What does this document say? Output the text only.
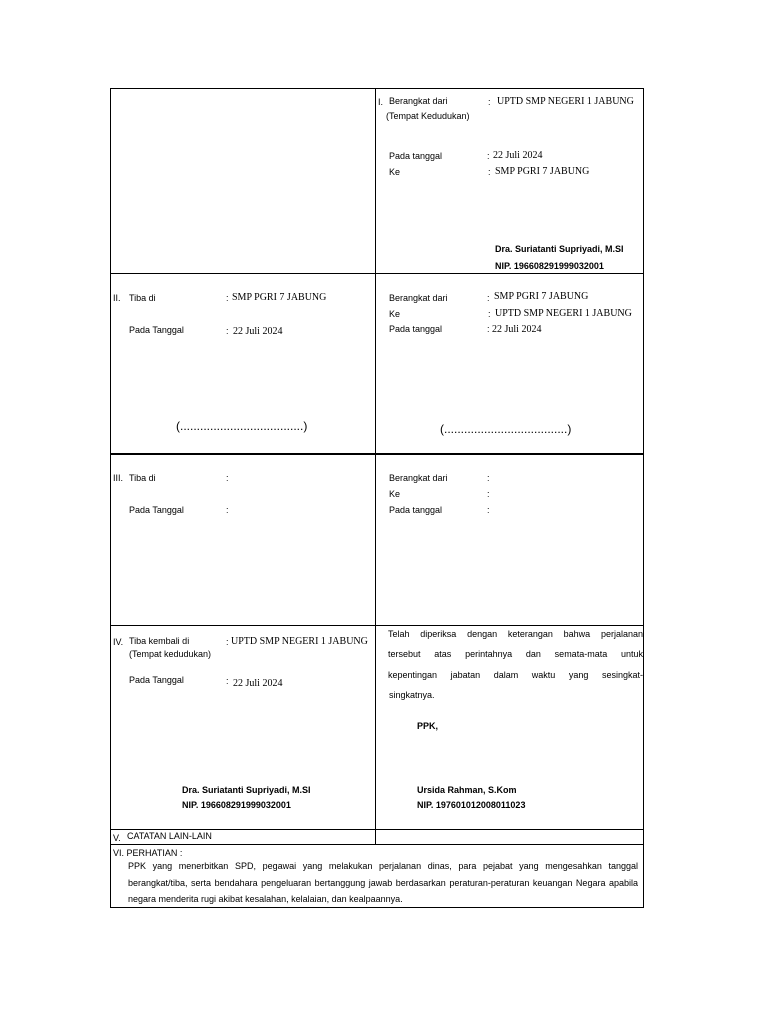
I. Berangkat dari
(Tempat Kedudukan)
: UPTD SMP NEGERI 1 JABUNG
Pada tanggal	: 22 Juli 2024
Ke	: SMP PGRI 7 JABUNG
Dra. Suriatanti Supriyadi, M.SI
NIP. 196608291999032001
II. Tiba di	: SMP PGRI 7 JABUNG
Pada Tanggal	: 22 Juli 2024
(.....................................)
Berangkat dari	: SMP PGRI 7 JABUNG
Ke	: UPTD SMP NEGERI 1 JABUNG
Pada tanggal	: 22 Juli 2024
(.....................................)
III. Tiba di	:
Pada Tanggal	:
Berangkat dari	:
Ke	:
Pada tanggal	:
IV. Tiba kembali di
(Tempat kedudukan)
: UPTD SMP NEGERI 1 JABUNG
Pada Tanggal	: 22 Juli 2024
Dra. Suriatanti Supriyadi, M.SI
NIP. 196608291999032001
Telah diperiksa dengan keterangan bahwa perjalanan
tersebut atas perintahnya dan semata-mata untuk
kepentingan jabatan dalam waktu yang sesingkat-
singkatnya.
PPK,
Ursida Rahman, S.Kom
NIP. 197601012008011023
V. CATATAN LAIN-LAIN
VI. PERHATIAN :
PPK yang menerbitkan SPD, pegawai yang melakukan perjalanan dinas, para pejabat yang mengesahkan tanggal berangkat/tiba, serta bendahara pengeluaran bertanggung jawab berdasarkan peraturan-peraturan keuangan Negara apabila negara menderita rugi akibat kesalahan, kelalaian, dan kealpaannya.
